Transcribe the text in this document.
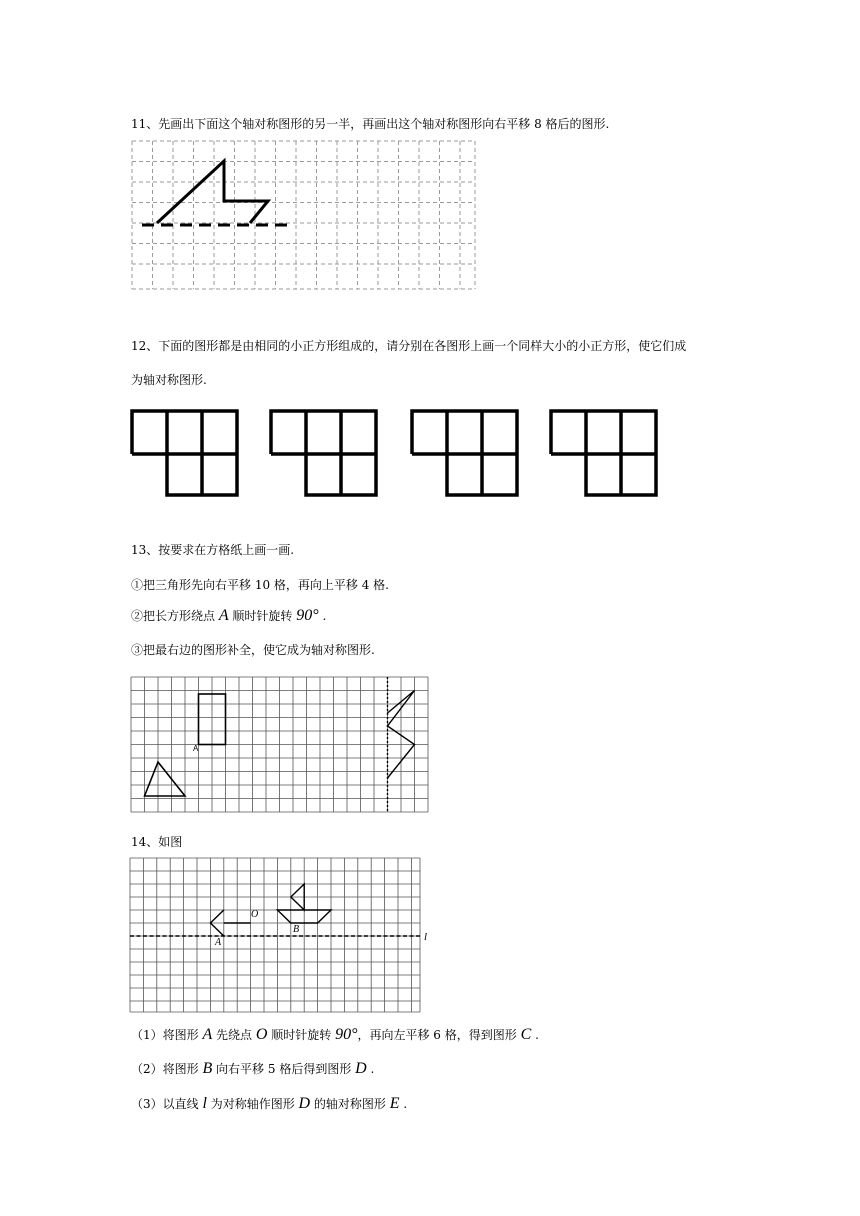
11、先画出下面这个轴对称图形的另一半，再画出这个轴对称图形向右平移 8 格后的图形.
12、下面的图形都是由相同的小正方形组成的，请分别在各图形上画一个同样大小的小正方形，使它们成
为轴对称图形.
13、按要求在方格纸上画一画.
①把三角形先向右平移 10 格，再向上平移 4 格.
②把长方形绕点 A 顺时针旋转 90° .
③把最右边的图形补全，使它成为轴对称图形.
A
14、如图
O
A
B
l
（1）将图形 A 先绕点 O 顺时针旋转 90°，再向左平移 6 格，得到图形 C .
（2）将图形 B 向右平移 5 格后得到图形 D .
（3）以直线 l 为对称轴作图形 D 的轴对称图形 E .
